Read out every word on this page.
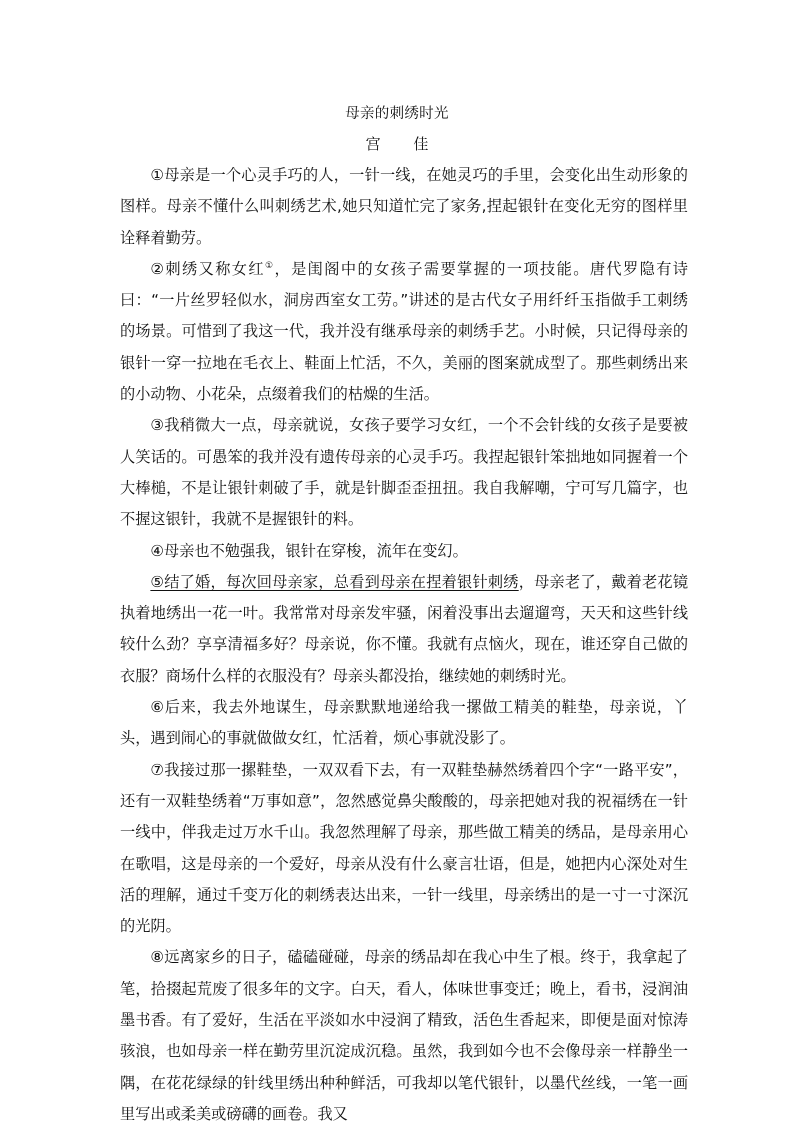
母亲的刺绣时光
宫 佳

①母亲是一个心灵手巧的人，一针一线，在她灵巧的手里，会变化出生动形象的图样。母亲不懂什么叫刺绣艺术,她只知道忙完了家务,捏起银针在变化无穷的图样里诠释着勤劳。

②刺绣又称女红①，是闺阁中的女孩子需要掌握的一项技能。唐代罗隐有诗曰：“一片丝罗轻似水，洞房西室女工劳。”讲述的是古代女子用纤纤玉指做手工刺绣的场景。可惜到了我这一代，我并没有继承母亲的刺绣手艺。小时候，只记得母亲的银针一穿一拉地在毛衣上、鞋面上忙活，不久，美丽的图案就成型了。那些刺绣出来的小动物、小花朵，点缀着我们的枯燥的生活。

③我稍微大一点，母亲就说，女孩子要学习女红，一个不会针线的女孩子是要被人笑话的。可愚笨的我并没有遗传母亲的心灵手巧。我捏起银针笨拙地如同握着一个大棒槌，不是让银针刺破了手，就是针脚歪歪扭扭。我自我解嘲，宁可写几篇字，也不握这银针，我就不是握银针的料。

④母亲也不勉强我，银针在穿梭，流年在变幻。

⑤结了婚，每次回母亲家，总看到母亲在捏着银针刺绣，母亲老了，戴着老花镜执着地绣出一花一叶。我常常对母亲发牢骚，闲着没事出去遛遛弯，天天和这些针线较什么劲？享享清福多好？母亲说，你不懂。我就有点恼火，现在，谁还穿自己做的衣服？商场什么样的衣服没有？母亲头都没抬，继续她的刺绣时光。

⑥后来，我去外地谋生，母亲默默地递给我一摞做工精美的鞋垫，母亲说，丫头，遇到闹心的事就做做女红，忙活着，烦心事就没影了。

⑦我接过那一摞鞋垫，一双双看下去，有一双鞋垫赫然绣着四个字“一路平安”，还有一双鞋垫绣着“万事如意”，忽然感觉鼻尖酸酸的，母亲把她对我的祝福绣在一针一线中，伴我走过万水千山。我忽然理解了母亲，那些做工精美的绣品，是母亲用心在歌唱，这是母亲的一个爱好，母亲从没有什么豪言壮语，但是，她把内心深处对生活的理解，通过千变万化的刺绣表达出来，一针一线里，母亲绣出的是一寸一寸深沉的光阴。

⑧远离家乡的日子，磕磕碰碰，母亲的绣品却在我心中生了根。终于，我拿起了笔，拾掇起荒废了很多年的文字。白天，看人，体味世事变迁；晚上，看书，浸润油墨书香。有了爱好，生活在平淡如水中浸润了精致，活色生香起来，即便是面对惊涛骇浪，也如母亲一样在勤劳里沉淀成沉稳。虽然，我到如今也不会像母亲一样静坐一隅，在花花绿绿的针线里绣出种种鲜活，可我却以笔代银针，以墨代丝线，一笔一画里写出或柔美或磅礴的画卷。我又
